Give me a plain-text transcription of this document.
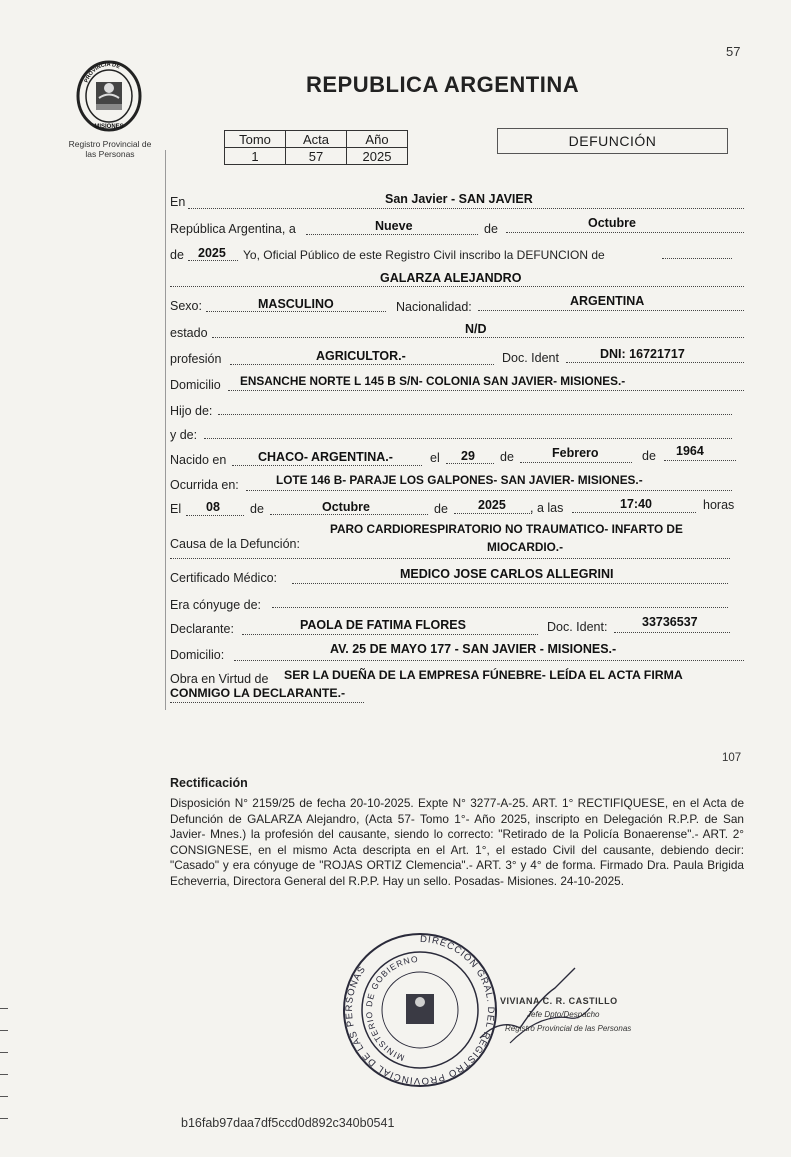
PROVINCIA DE
MISIONES
Registro Provincial de
las Personas
57
REPUBLICA ARGENTINA
Tomo	Acta	Año
1	57	2025
DEFUNCIÓN
En	San Javier - SAN JAVIER
República Argentina, a	Nueve	de	Octubre
de 2025 Yo, Oficial Público de este Registro Civil inscribo la DEFUNCION de
GALARZA ALEJANDRO
Sexo:	MASCULINO	Nacionalidad:	ARGENTINA
estado	N/D
profesión	AGRICULTOR.-	Doc. Ident	DNI: 16721717
Domicilio ENSANCHE NORTE L 145 B S/N- COLONIA SAN JAVIER- MISIONES.-
Hijo de:
y de:
Nacido en	CHACO- ARGENTINA.-	el 29 de	Febrero	de 1964
Ocurrida en:	LOTE 146 B- PARAJE LOS GALPONES- SAN JAVIER- MISIONES.-
El 08 de	Octubre	de 2025 , a las	17:40	horas
Causa de la Defunción:
PARO CARDIORESPIRATORIO NO TRAUMATICO- INFARTO DE
MIOCARDIO.-
Certificado Médico:	MEDICO JOSE CARLOS ALLEGRINI
Era cónyuge de:
Declarante:	PAOLA DE FATIMA FLORES	Doc. Ident:	33736537
Domicilio:	AV. 25 DE MAYO 177 - SAN JAVIER - MISIONES.-
Obra en Virtud de SER LA DUEÑA DE LA EMPRESA FÚNEBRE- LEÍDA EL ACTA FIRMA
CONMIGO LA DECLARANTE.-
107
Rectificación
Disposición N° 2159/25 de fecha 20-10-2025. Expte N° 3277-A-25. ART. 1° RECTIFIQUESE, en el Acta de Defunción de GALARZA Alejandro, (Acta 57- Tomo 1°- Año 2025, inscripto en Delegación R.P.P. de San Javier- Mnes.) la profesión del causante, siendo lo correcto: "Retirado de la Policía Bonaerense".- ART. 2° CONSIGNESE, en el mismo Acta descripta en el Art. 1°, el estado Civil del causante, debiendo decir: "Casado" y era cónyuge de "ROJAS ORTIZ Clemencia".- ART. 3° y 4° de forma. Firmado Dra. Paula Brigida Echeverria, Directora General del R.P.P. Hay un sello. Posadas- Misiones. 24-10-2025.
DIRECCIÓN GRAL. DEL REGISTRO PROVINCIAL DE LAS PERSONAS
MINISTERIO DE GOBIERNO
VIVIANA C. R. CASTILLO
Jefe Dpto/Despacho
Registro Provincial de las Personas
b16fab97daa7df5ccd0d892c340b0541
